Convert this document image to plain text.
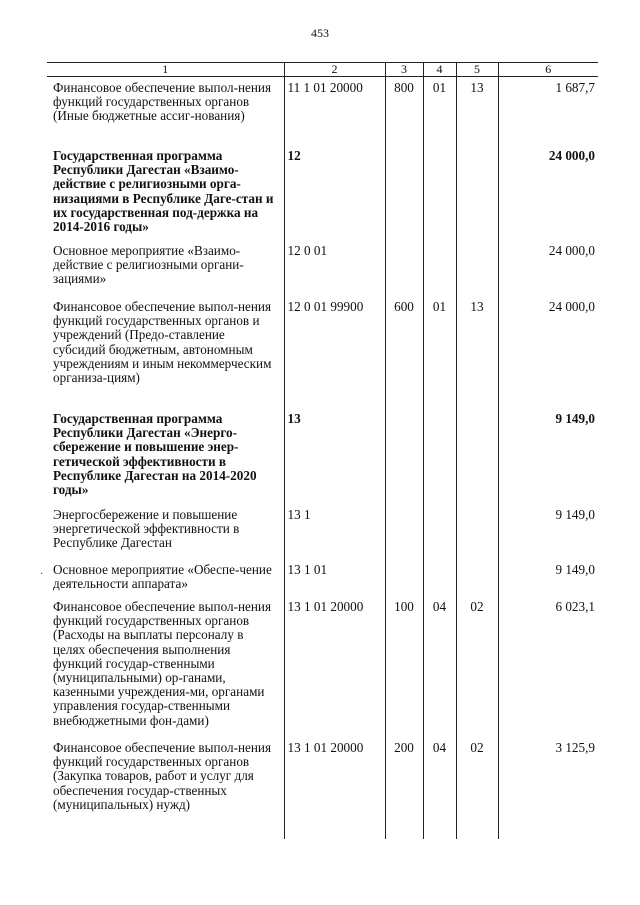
453
·
1	2	3	4	5	6
Финансовое обеспечение выпол-нения функций государственных органов (Иные бюджетные ассиг-нования)	11 1 01 20000	800	01	13	1 687,7
Государственная программа Республики Дагестан «Взаимо-действие с религиозными орга-низациями в Республике Даге-стан и их государственная под-держка на 2014-2016 годы»	12				24 000,0
Основное мероприятие «Взаимо-действие с религиозными органи-зациями»	12 0 01				24 000,0
Финансовое обеспечение выпол-нения функций государственных органов и учреждений (Предо-ставление субсидий бюджетным, автономным учреждениям и иным некоммерческим организа-циям)	12 0 01 99900	600	01	13	24 000,0
Государственная программа Республики Дагестан «Энерго-сбережение и повышение энер-гетической эффективности в Республике Дагестан на 2014-2020 годы»	13				9 149,0
Энергосбережение и повышение энергетической эффективности в Республике Дагестан	13 1				9 149,0
Основное мероприятие «Обеспе-чение деятельности аппарата»	13 1 01				9 149,0
Финансовое обеспечение выпол-нения функций государственных органов (Расходы на выплаты персоналу в целях обеспечения выполнения функций государ-ственными (муниципальными) ор-ганами, казенными учреждения-ми, органами управления государ-ственными внебюджетными фон-дами)	13 1 01 20000	100	04	02	6 023,1
Финансовое обеспечение выпол-нения функций государственных органов (Закупка товаров, работ и услуг для обеспечения государ-ственных (муниципальных) нужд)	13 1 01 20000	200	04	02	3 125,9
